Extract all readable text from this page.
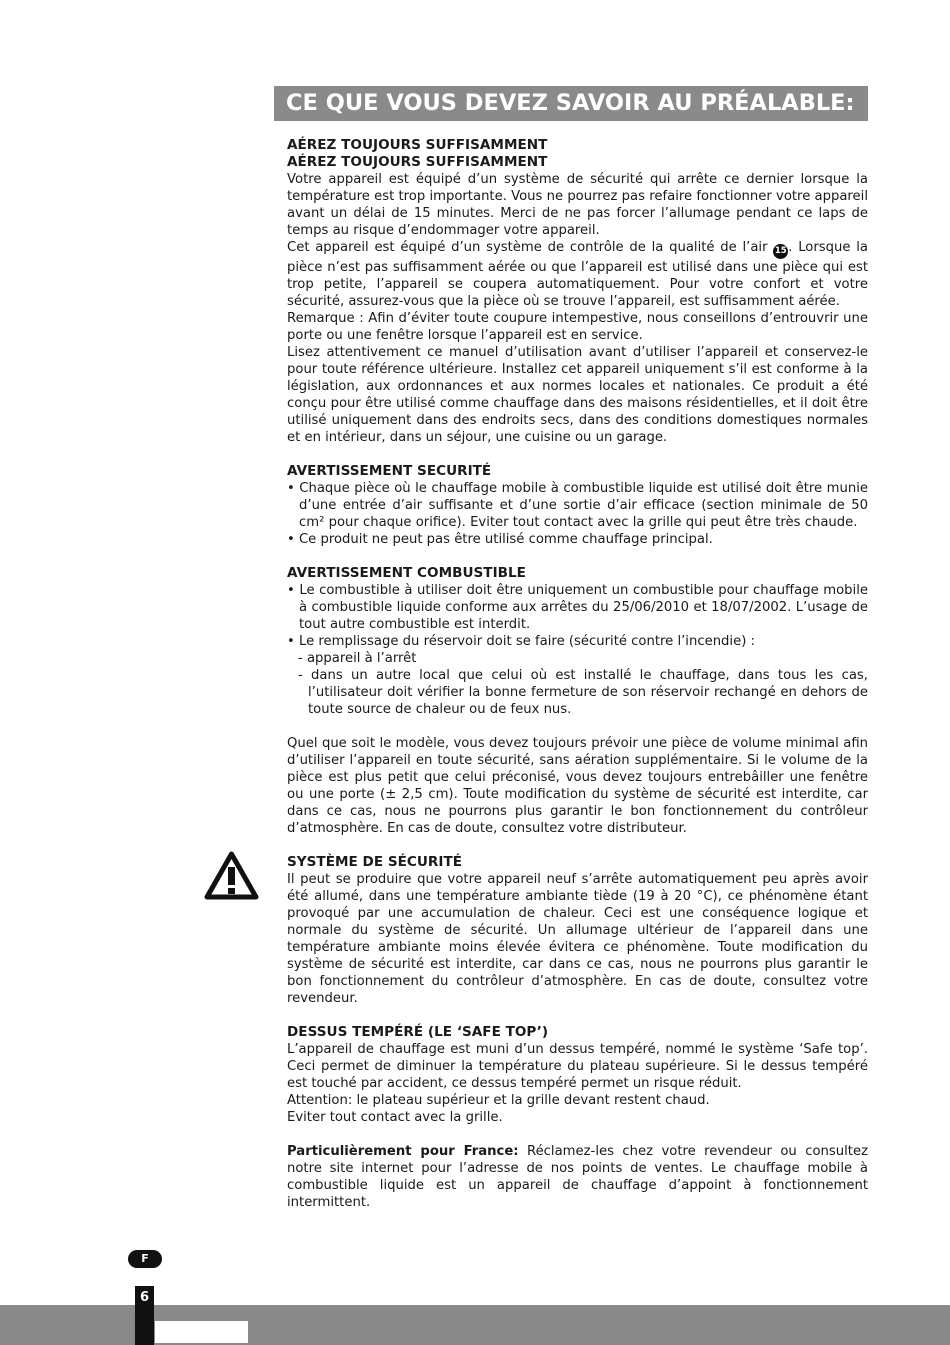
CE QUE VOUS DEVEZ SAVOIR AU PRÉALABLE:

AÉREZ TOUJOURS SUFFISAMMENT

AÉREZ TOUJOURS SUFFISAMMENT

Votre appareil est équipé d’un système de sécurité qui arrête ce dernier lorsque la température est trop importante. Vous ne pourrez pas refaire fonctionner votre appareil avant un délai de 15 minutes. Merci de ne pas forcer l’allumage pendant ce laps de temps au risque d’endommager votre appareil.

Cet appareil est équipé d’un système de contrôle de la qualité de l’air 15 . Lorsque la pièce n’est pas suffisamment aérée ou que l’appareil est utilisé dans une pièce qui est trop petite, l’appareil se coupera automatiquement. Pour votre confort et votre sécurité, assurez-vous que la pièce où se trouve l’appareil, est suffisamment aérée.

Remarque : Afin d’éviter toute coupure intempestive, nous conseillons d’entrouvrir une porte ou une fenêtre lorsque l’appareil est en service.

Lisez attentivement ce manuel d’utilisation avant d’utiliser l’appareil et conservez-le pour toute référence ultérieure. Installez cet appareil uniquement s’il est conforme à la législation, aux ordonnances et aux normes locales et nationales. Ce produit a été conçu pour être utilisé comme chauffage dans des maisons résidentielles, et il doit être utilisé uniquement dans des endroits secs, dans des conditions domestiques normales et en intérieur, dans un séjour, une cuisine ou un garage.

AVERTISSEMENT SECURITÉ

• Chaque pièce où le chauffage mobile à combustible liquide est utilisé doit être munie d’une entrée d’air suffisante et d’une sortie d’air efficace (section minimale de 50 cm² pour chaque orifice). Eviter tout contact avec la grille qui peut être très chaude.

• Ce produit ne peut pas être utilisé comme chauffage principal.

AVERTISSEMENT COMBUSTIBLE

• Le combustible à utiliser doit être uniquement un combustible pour chauffage mobile à combustible liquide conforme aux arrêtes du 25/06/2010 et 18/07/2002. L’usage de tout autre combustible est interdit.

• Le remplissage du réservoir doit se faire (sécurité contre l’incendie) :

- appareil à l’arrêt

- dans un autre local que celui où est installé le chauffage, dans tous les cas, l’utilisateur doit vérifier la bonne fermeture de son réservoir rechangé en dehors de toute source de chaleur ou de feux nus.

Quel que soit le modèle, vous devez toujours prévoir une pièce de volume minimal afin d’utiliser l’appareil en toute sécurité, sans aération supplémentaire. Si le volume de la pièce est plus petit que celui préconisé, vous devez toujours entrebâiller une fenêtre ou une porte (± 2,5 cm). Toute modification du système de sécurité est interdite, car dans ce cas, nous ne pourrons plus garantir le bon fonctionnement du contrôleur d’atmosphère. En cas de doute, consultez votre distributeur.

SYSTÈME DE SÉCURITÉ

Il peut se produire que votre appareil neuf s’arrête automatiquement peu après avoir été allumé, dans une température ambiante tiède (19 à 20 °C), ce phénomène étant provoqué par une accumulation de chaleur. Ceci est une conséquence logique et normale du système de sécurité. Un allumage ultérieur de l’appareil dans une température ambiante moins élevée évitera ce phénomène. Toute modification du système de sécurité est interdite, car dans ce cas, nous ne pourrons plus garantir le bon fonctionnement du contrôleur d’atmosphère. En cas de doute, consultez votre revendeur.

DESSUS TEMPÉRÉ (LE ‘SAFE TOP’)

L’appareil de chauffage est muni d’un dessus tempéré, nommé le système ‘Safe top’. Ceci permet de diminuer la température du plateau supérieure. Si le dessus tempéré est touché par accident, ce dessus tempéré permet un risque réduit.

Attention: le plateau supérieur et la grille devant restent chaud.

Eviter tout contact avec la grille.

Particulièrement pour France: Réclamez-les chez votre revendeur ou consultez notre site internet pour l’adresse de nos points de ventes. Le chauffage mobile à combustible liquide est un appareil de chauffage d’appoint à fonctionnement intermittent.

F
6
